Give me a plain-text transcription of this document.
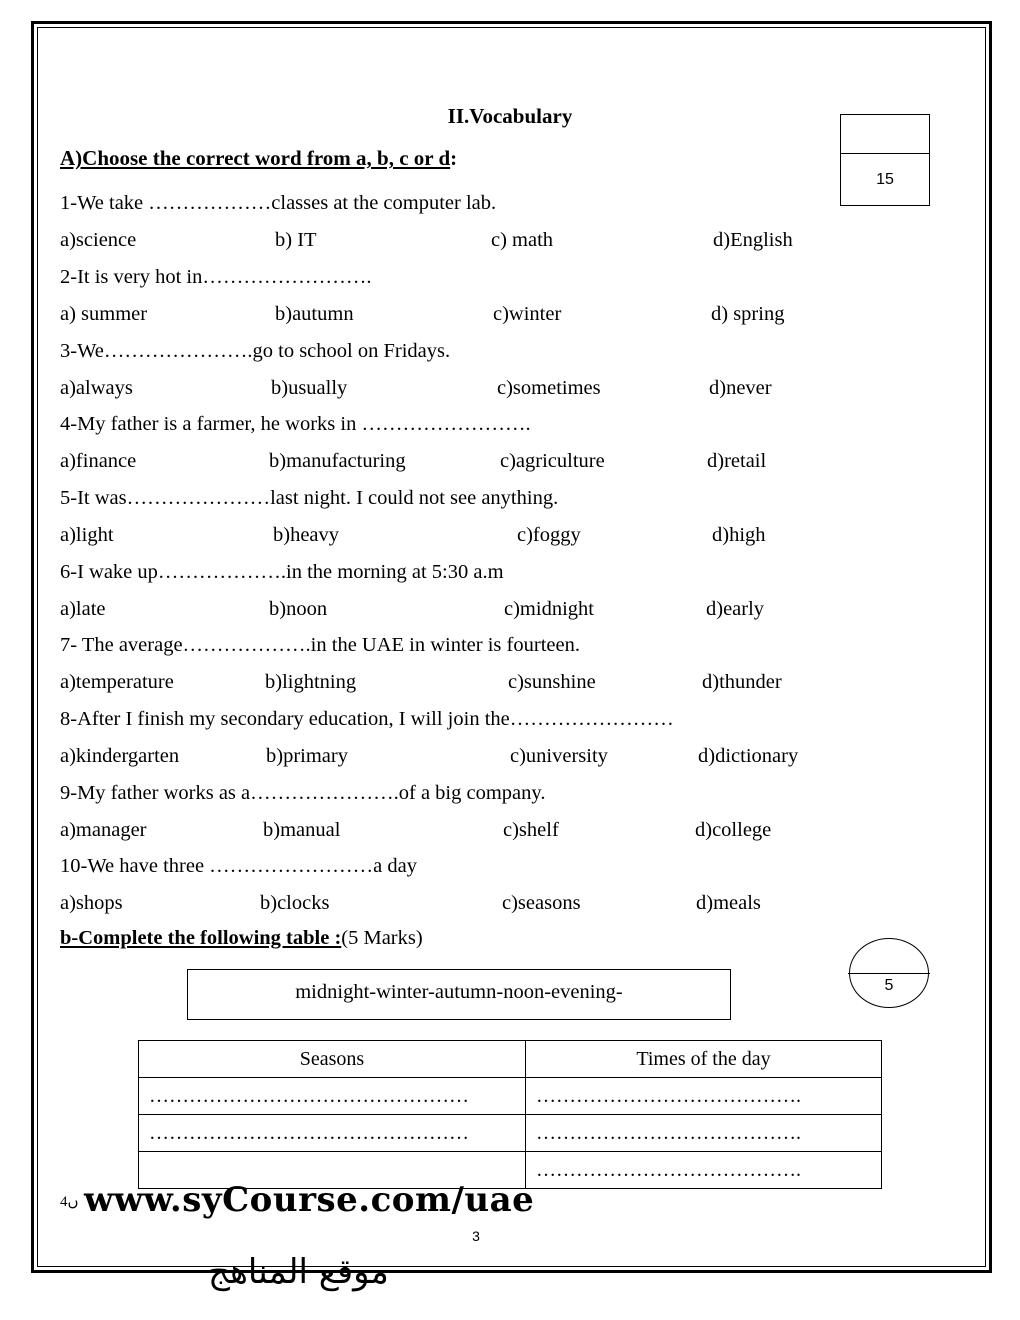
II.Vocabulary
A)Choose the correct word from a, b, c or d:
15
1-We take ………………classes at the computer lab.
a)science	b) IT	c) math	d)English
2-It is very hot in…………………….
a) summer	b)autumn	c)winter	d) spring
3-We………………….go to school on Fridays.
a)always	b)usually	c)sometimes	d)never
4-My father is a farmer, he works in …………………….
a)finance	b)manufacturing	c)agriculture	d)retail
5-It was…………………last night. I could not see anything.
a)light	b)heavy	c)foggy	d)high
6-I wake up……………….in the morning at 5:30 a.m
a)late	b)noon	c)midnight	d)early
7- The average……………….in the UAE in winter is fourteen.
a)temperature	b)lightning	c)sunshine	d)thunder
8-After I finish my secondary education, I will join the……………………
a)kindergarten	b)primary	c)university	d)dictionary
9-My father works as a………………….of a big company.
a)manager	b)manual	c)shelf	d)college
10-We have three ……………………a day
a)shops	b)clocks	c)seasons	d)meals
b-Complete the following table :(5 Marks)
5
midnight-winter-autumn-noon-evening-
Seasons	Times of the day
…………………………………………	………………………………….
…………………………………………	………………………………….
	………………………………….
4ں www.syCourse.com/uae
3
موقع المناهج
